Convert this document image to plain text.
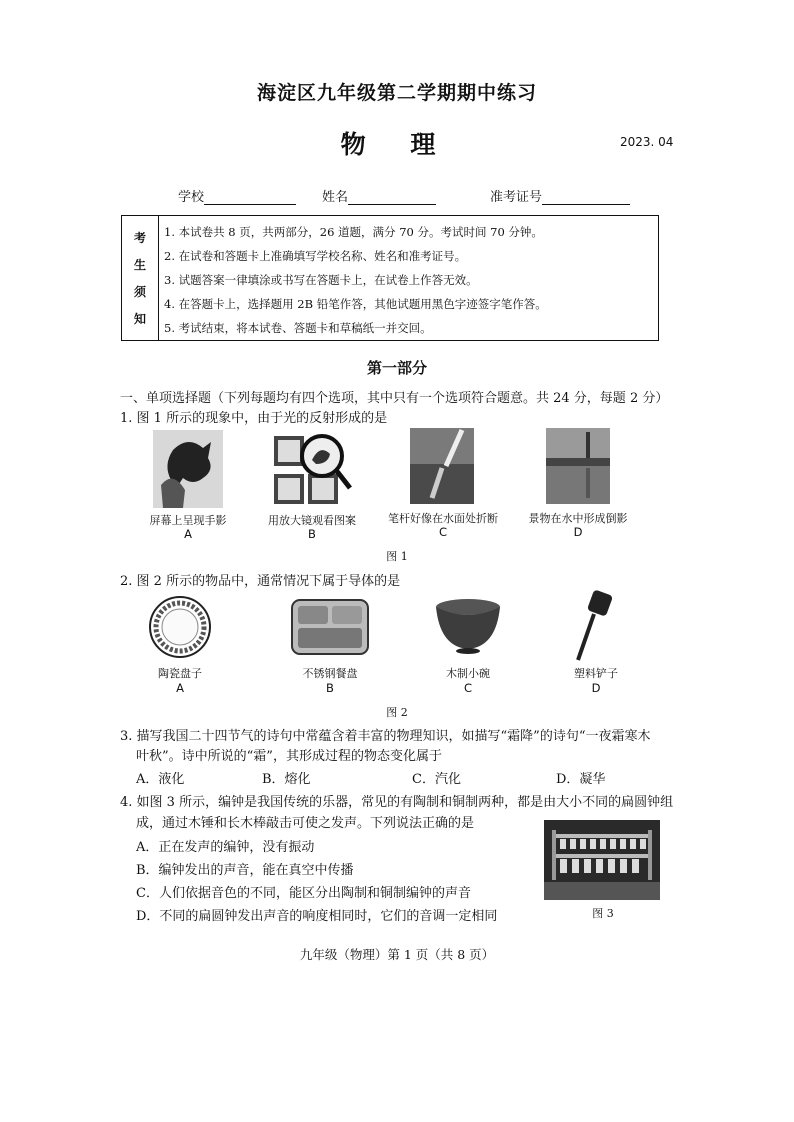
海淀区九年级第二学期期中练习
物 理	2023. 04
学校	姓名	准考证号
考
生
须
知
1. 本试卷共 8 页，共两部分，26 道题，满分 70 分。考试时间 70 分钟。
2. 在试卷和答题卡上准确填写学校名称、姓名和准考证号。
3. 试题答案一律填涂或书写在答题卡上，在试卷上作答无效。
4. 在答题卡上，选择题用 2B 铅笔作答，其他试题用黑色字迹签字笔作答。
5. 考试结束，将本试卷、答题卡和草稿纸一并交回。
第一部分
一、单项选择题（下列每题均有四个选项，其中只有一个选项符合题意。共 24 分，每题 2 分）
1. 图 1 所示的现象中，由于光的反射形成的是
屏幕上呈现手影
A
用放大镜观看图案
B
笔杆好像在水面处折断
C
景物在水中形成倒影
D
图 1
2. 图 2 所示的物品中，通常情况下属于导体的是
陶瓷盘子
A
不锈钢餐盘
B
木制小碗
C
塑料铲子
D
图 2
3. 描写我国二十四节气的诗句中常蕴含着丰富的物理知识，如描写“霜降”的诗句“一夜霜寒木
叶秋”。诗中所说的“霜”，其形成过程的物态变化属于
A．液化	B．熔化	C．汽化	D．凝华
4. 如图 3 所示，编钟是我国传统的乐器，常见的有陶制和铜制两种，都是由大小不同的扁圆钟组
成，通过木锤和长木棒敲击可使之发声。下列说法正确的是
A．正在发声的编钟，没有振动
B．编钟发出的声音，能在真空中传播
C．人们依据音色的不同，能区分出陶制和铜制编钟的声音
D．不同的扁圆钟发出声音的响度相同时，它们的音调一定相同	图 3
九年级（物理）第 1 页（共 8 页）
